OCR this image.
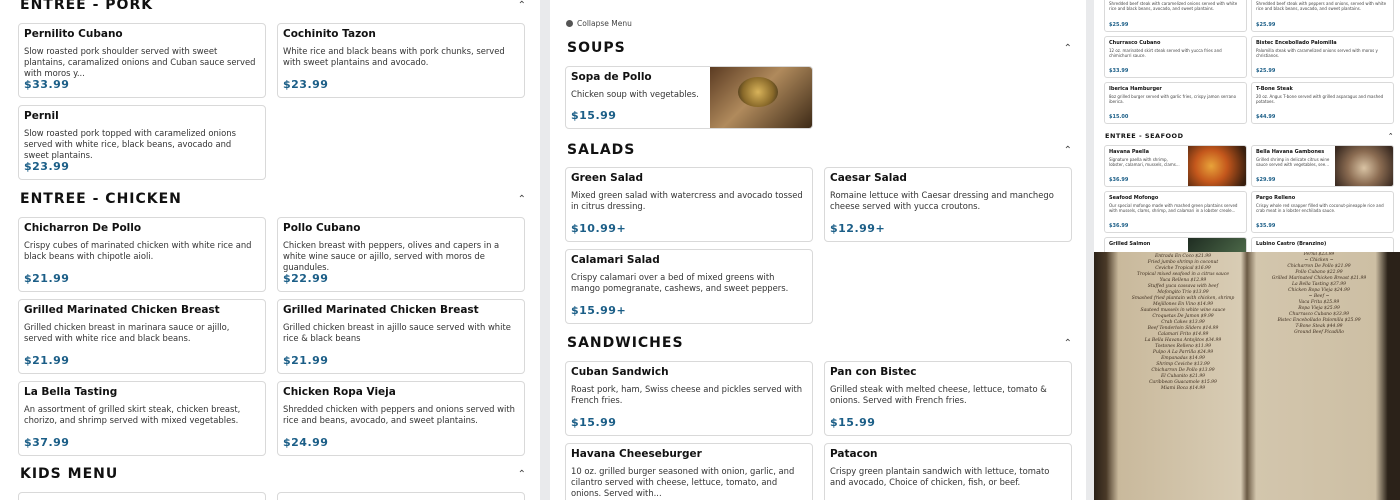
ENTREE - PORK	⌃
Pernilito Cubano
Slow roasted pork shoulder served with sweet plantains, caramalized onions and Cuban sauce served with moros y...
$33.99
Cochinito Tazon
White rice and black beans with pork chunks, served with sweet plantains and avocado.
$23.99
Pernil
Slow roasted pork topped with caramelized onions served with white rice, black beans, avocado and sweet plantains.
$23.99
ENTREE - CHICKEN	⌃
Chicharron De Pollo
Crispy cubes of marinated chicken with white rice and black beans with chipotle aioli.
$21.99
Pollo Cubano
Chicken breast with peppers, olives and capers in a white wine sauce or ajillo, served with moros de guandules.
$22.99
Grilled Marinated Chicken Breast
Grilled chicken breast in marinara sauce or ajillo, served with white rice and black beans.
$21.99
Grilled Marinated Chicken Breast
Grilled chicken breast in ajillo sauce served with white rice & black beans
$21.99
La Bella Tasting
An assortment of grilled skirt steak, chicken breast, chorizo, and shrimp served with mixed vegetables.
$37.99
Chicken Ropa Vieja
Shredded chicken with peppers and onions served with rice and beans, avocado, and sweet plantains.
$24.99
KIDS MENU	⌃
Collapse Menu
SOUPS	⌃
Sopa de Pollo
Chicken soup with vegetables.
$15.99
SALADS	⌃
Green Salad
Mixed green salad with watercress and avocado tossed in citrus dressing.
$10.99+
Caesar Salad
Romaine lettuce with Caesar dressing and manchego cheese served with yucca croutons.
$12.99+
Calamari Salad
Crispy calamari over a bed of mixed greens with mango pomegranate, cashews, and sweet peppers.
$15.99+
SANDWICHES	⌃
Cuban Sandwich
Roast pork, ham, Swiss cheese and pickles served with French fries.
$15.99
Pan con Bistec
Grilled steak with melted cheese, lettuce, tomato & onions. Served with French fries.
$15.99
Havana Cheeseburger
10 oz. grilled burger seasoned with onion, garlic, and cilantro served with cheese, lettuce, tomato, and onions. Served with...
Patacon
Crispy green plantain sandwich with lettuce, tomato and avocado, Choice of chicken, fish, or beef.
Shredded beef steak with caramelized onions served with white rice and black beans, avocado, and sweet plantains.
$25.99
Shredded beef steak with peppers and onions, served with white rice and black beans, avocado, and sweet plantains.
$25.99
Churrasco Cubano
12 oz. marinated skirt steak served with yucca fries and chimichurri sauce.
$33.99
Bistec Encebollado Palomilla
Palomilla steak with caramelized onions served with moros y christianos.
$25.99
Iberica Hamburger
8oz grilled burger served with garlic fries, crispy jamon serrano iberica.
$15.00
T-Bone Steak
20 oz. Angus T-bone served with grilled asparagus and mashed potatoes.
$44.99
ENTREE - SEAFOOD	⌃
Havana Paella
Signature paella with shrimp, lobster, calamari, mussels, clams...
$36.99
Bella Havana Gambones
Grilled shrimp in delicate citrus wine sauce served with vegetables, see...
$29.99
Seafood Mofongo
Our special mofongo made with mashed green plantains served with mussels, clams, shrimp, and calamari in a lobster creole...
$36.99
Pargo Relleno
Crispy whole red snapper filled with coconut-pineapple rice and crab meat in a lobster enchilada sauce.
$35.99
Grilled Salmon	Lubino Castro (Branzino)
Entrada En Coco $21.99
Fried jumbo shrimp in coconut
Ceviche Tropical $16.99
Tropical mixed seafood in a citrus sauce
Yuca Rellena $12.99
Stuffed yuca cassava with beef
Mofongito Trio $13.99
Smashed fried plantain with chicken, shrimp
Mejillones En Vino $14.99
Sauteed mussels in white wine sauce
Croquetas De Jamon $9.99
Crab Cakes $13.99
Beef Tenderloin Sliders $14.99
Calamari Frito $14.99
La Bella Havana Antojitos $34.99
Tostones Relleno $11.99
Pulpo A La Parrilla $24.99
Empanadas $14.99
Shrimp Ceviche $13.99
Chicharron De Pollo $13.99
El Cubanito $21.99
Caribbean Guacamole $15.99
Miami Boca $14.99
Pernil $23.99
~ Chicken ~
Chicharron De Pollo $21.99
Pollo Cubano $22.99
Grilled Marinated Chicken Breast $21.99
La Bella Tasting $37.99
Chicken Ropa Vieja $24.99
~ Beef ~
Vaca Frita $25.99
Ropa Vieja $25.99
Churrasco Cubano $33.99
Bistec Encebollado Palomilla $25.99
T-Bone Steak $44.99
Ground Beef Picadillo
